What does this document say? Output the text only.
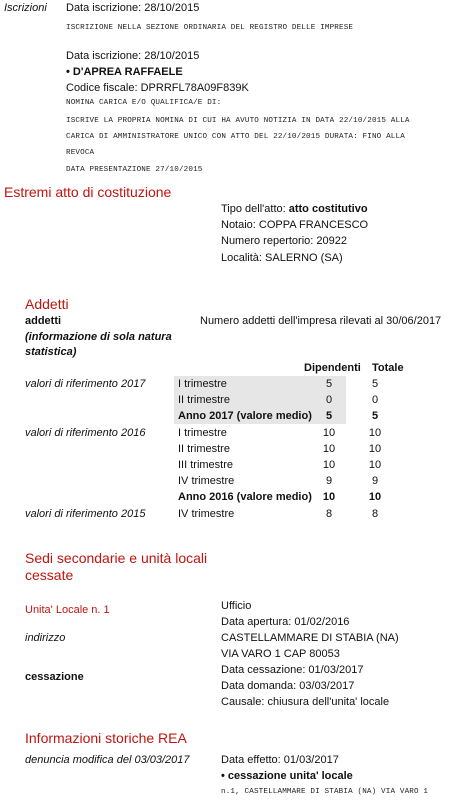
Iscrizioni Data iscrizione: 28/10/2015
ISCRIZIONE NELLA SEZIONE ORDINARIA DEL REGISTRO DELLE IMPRESE
Data iscrizione: 28/10/2015
• D'APREA RAFFAELE
Codice fiscale: DPRRFL78A09F839K
NOMINA CARICA E/O QUALIFICA/E DI:
ISCRIVE LA PROPRIA NOMINA DI CUI HA AVUTO NOTIZIA IN DATA 22/10/2015 ALLA
CARICA DI AMMINISTRATORE UNICO CON ATTO DEL 22/10/2015 DURATA: FINO ALLA
REVOCA
DATA PRESENTAZIONE 27/10/2015
Estremi atto di costituzione
Tipo dell'atto: atto costitutivo
Notaio: COPPA FRANCESCO
Numero repertorio: 20922
Località: SALERNO (SA)
Addetti
addetti
(informazione di sola natura
statistica)
Numero addetti dell'impresa rilevati al 30/06/2017
Dipendenti Totale
valori di riferimento 2017	I trimestre	5	5
II trimestre	0	0
Anno 2017 (valore medio)	5	5
valori di riferimento 2016	I trimestre	10	10
II trimestre	10	10
III trimestre	10	10
IV trimestre	9	9
Anno 2016 (valore medio)	10	10
valori di riferimento 2015	IV trimestre	8	8
Sedi secondarie e unità locali
cessate
Unita' Locale n. 1	Ufficio
Data apertura: 01/02/2016
indirizzo	CASTELLAMMARE DI STABIA (NA)
VIA VARO 1 CAP 80053
cessazione
Data cessazione: 01/03/2017
Data domanda: 03/03/2017
Causale: chiusura dell'unita' locale
Informazioni storiche REA
denuncia modifica del 03/03/2017	Data effetto: 01/03/2017
• cessazione unita' locale
n.1, CASTELLAMMARE DI STABIA (NA) VIA VARO 1
